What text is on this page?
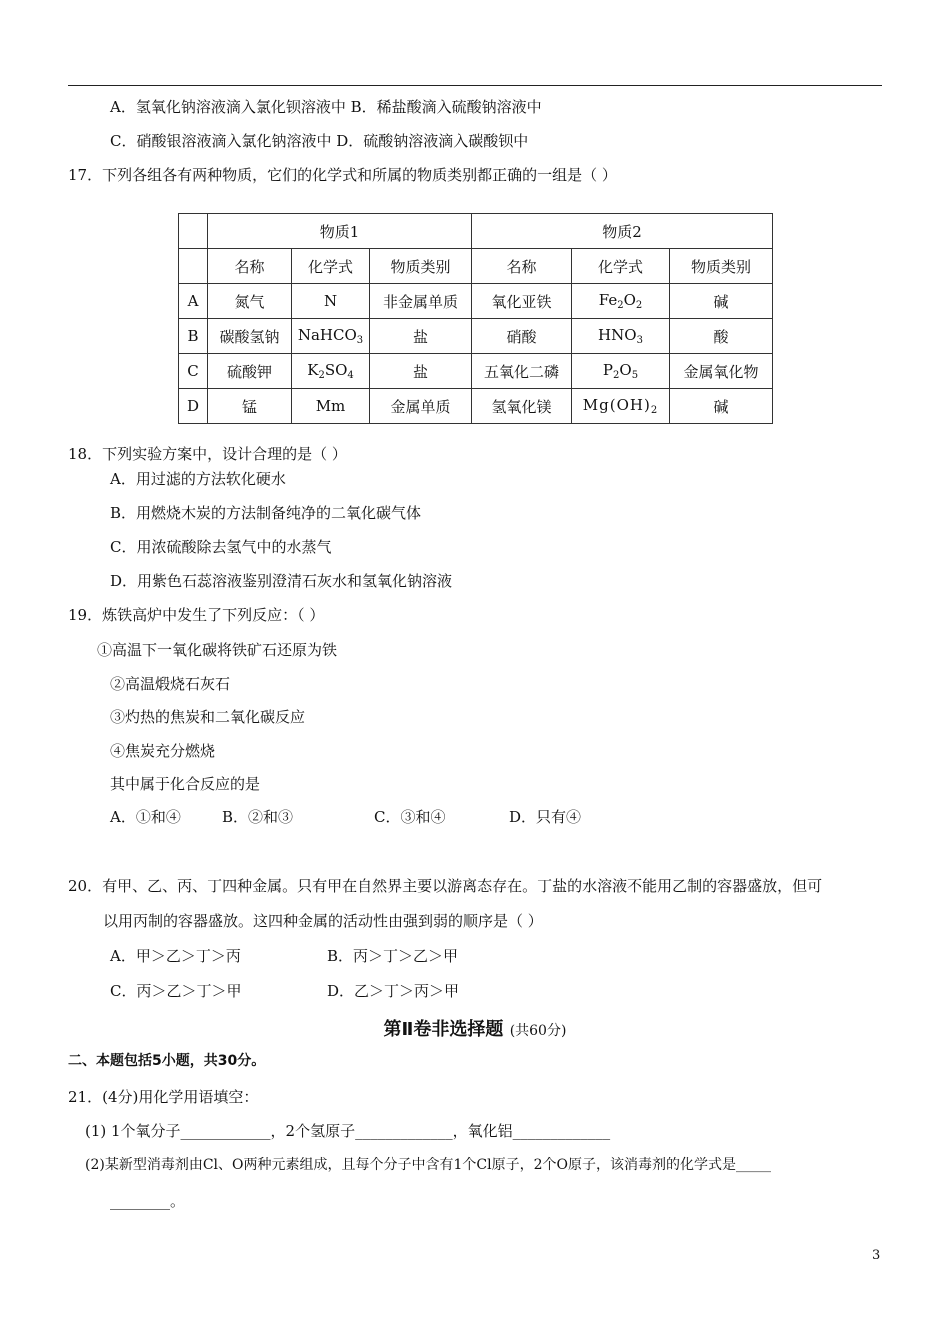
A．氢氧化钠溶液滴入氯化钡溶液中 B．稀盐酸滴入硫酸钠溶液中
C．硝酸银溶液滴入氯化钠溶液中 D．硫酸钠溶液滴入碳酸钡中
17．下列各组各有两种物质，它们的化学式和所属的物质类别都正确的一组是（ ）
	物质1			物质2		
	名称	化学式	物质类别	名称	化学式	物质类别
A	氮气	N	非金属单质	氧化亚铁	$Fe_2O_2$	碱
B	碳酸氢钠	NaHCO$_3$	盐	硝酸	$HNO_3$	酸
C	硫酸钾	$K_2SO_4$	盐	五氧化二磷	$P_2O_5$	金属氧化物
D	锰	Mm	金属单质	氢氧化镁	$Mg(OH)_2$	碱
18．下列实验方案中，设计合理的是（ ）
A．用过滤的方法软化硬水
B．用燃烧木炭的方法制备纯净的二氧化碳气体
C．用浓硫酸除去氢气中的水蒸气
D．用紫色石蕊溶液鉴别澄清石灰水和氢氧化钠溶液
19．炼铁高炉中发生了下列反应：（ ）
①高温下一氧化碳将铁矿石还原为铁
②高温煅烧石灰石
③灼热的焦炭和二氧化碳反应
④焦炭充分燃烧
其中属于化合反应的是
A．①和④	B．②和③	C．③和④	D．只有④
20．有甲、乙、丙、丁四种金属。只有甲在自然界主要以游离态存在。丁盐的水溶液不能用乙制的容器盛放，但可
以用丙制的容器盛放。这四种金属的活动性由强到弱的顺序是（ ）
A．甲＞乙＞丁＞丙	B．丙＞丁＞乙＞甲
C．丙＞乙＞丁＞甲	D．乙＞丁＞丙＞甲
第Ⅱ卷非选择题 (共60分)
二、本题包括5小题，共30分。
21．(4分)用化学用语填空：
(1) 1个氧分子____________，2个氢原子_____________，氧化铝_____________
(2)某新型消毒剂由Cl、O两种元素组成，且每个分子中含有1个Cl原子，2个O原子，该消毒剂的化学式是_____
________。
3
